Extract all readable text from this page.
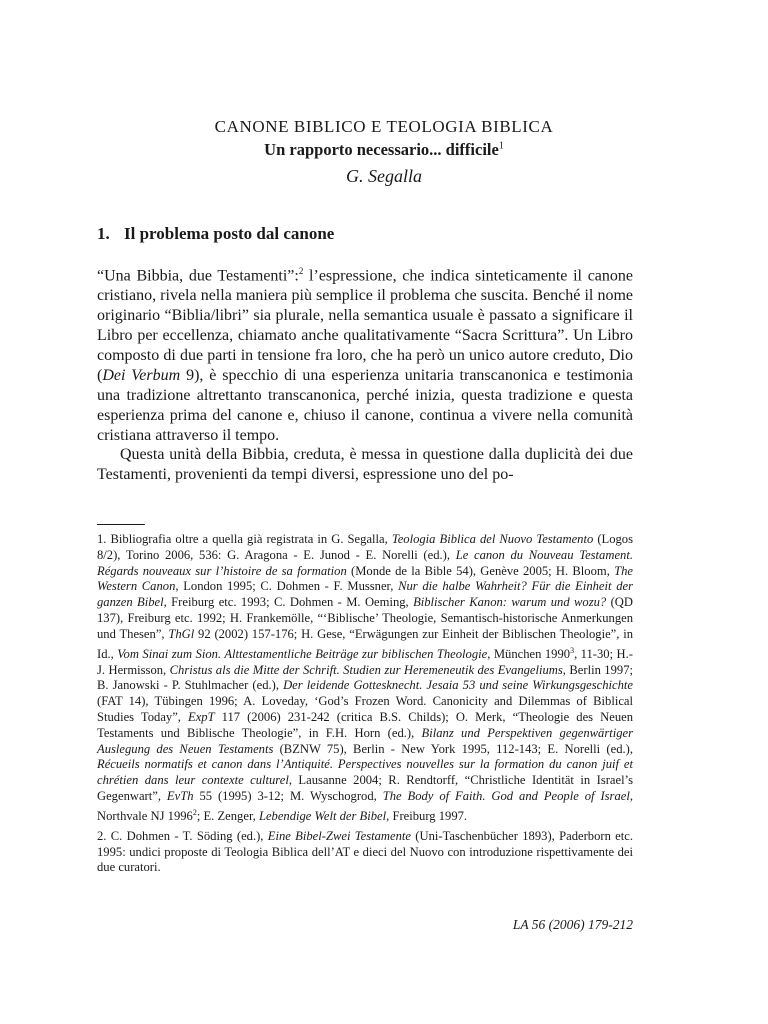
CANONE BIBLICO E TEOLOGIA BIBLICA
Un rapporto necessario... difficile$^1$
G. Segalla
1. Il problema posto dal canone

“Una Bibbia, due Testamenti”:$^2$ l’espressione, che indica sinteticamente il canone cristiano, rivela nella maniera più semplice il problema che suscita. Benché il nome originario “Biblia/libri” sia plurale, nella semantica usuale è passato a significare il Libro per eccellenza, chiamato anche qualitativamente “Sacra Scrittura”. Un Libro composto di due parti in tensione fra loro, che ha però un unico autore creduto, Dio (Dei Verbum 9), è specchio di una esperienza unitaria transcanonica e testimonia una tradizione altrettanto transcanonica, perché inizia, questa tradizione e questa esperienza prima del canone e, chiuso il canone, continua a vivere nella comunità cristiana attraverso il tempo.

Questa unità della Bibbia, creduta, è messa in questione dalla duplicità dei due Testamenti, provenienti da tempi diversi, espressione uno del po-

1. Bibliografia oltre a quella già registrata in G. Segalla, Teologia Biblica del Nuovo Testamento (Logos 8/2), Torino 2006, 536: G. Aragona - E. Junod - E. Norelli (ed.), Le canon du Nouveau Testament. Régards nouveaux sur l’histoire de sa formation (Monde de la Bible 54), Genève 2005; H. Bloom, The Western Canon, London 1995; C. Dohmen - F. Mussner, Nur die halbe Wahrheit? Für die Einheit der ganzen Bibel, Freiburg etc. 1993; C. Dohmen - M. Oeming, Biblischer Kanon: warum und wozu? (QD 137), Freiburg etc. 1992; H. Frankemölle, “‘Biblische’ Theologie, Semantisch-historische Anmerkungen und Thesen”, ThGl 92 (2002) 157-176; H. Gese, “Erwägungen zur Einheit der Biblischen Theologie”, in Id., Vom Sinai zum Sion. Alttestamentliche Beiträge zur biblischen Theologie, München 1990$^3$, 11-30; H.-J. Hermisson, Christus als die Mitte der Schrift. Studien zur Heremeneutik des Evangeliums, Berlin 1997; B. Janowski - P. Stuhlmacher (ed.), Der leidende Gottesknecht. Jesaia 53 und seine Wirkungsgeschichte (FAT 14), Tübingen 1996; A. Loveday, ‘God’s Frozen Word. Canonicity and Dilemmas of Biblical Studies Today”, ExpT 117 (2006) 231-242 (critica B.S. Childs); O. Merk, “Theologie des Neuen Testaments und Biblische Theologie”, in F.H. Horn (ed.), Bilanz und Perspektiven gegenwärtiger Auslegung des Neuen Testaments (BZNW 75), Berlin - New York 1995, 112-143; E. Norelli (ed.), Récueils normatifs et canon dans l’Antiquité. Perspectives nouvelles sur la formation du canon juif et chrétien dans leur contexte culturel, Lausanne 2004; R. Rendtorff, “Christliche Identität in Israel’s Gegenwart”, EvTh 55 (1995) 3-12; M. Wyschogrod, The Body of Faith. God and People of Israel, Northvale NJ 1996$^2$; E. Zenger, Lebendige Welt der Bibel, Freiburg 1997.

2. C. Dohmen - T. Söding (ed.), Eine Bibel-Zwei Testamente (Uni-Taschenbücher 1893), Paderborn etc. 1995: undici proposte di Teologia Biblica dell’AT e dieci del Nuovo con introduzione rispettivamente dei due curatori.

LA 56 (2006) 179-212
